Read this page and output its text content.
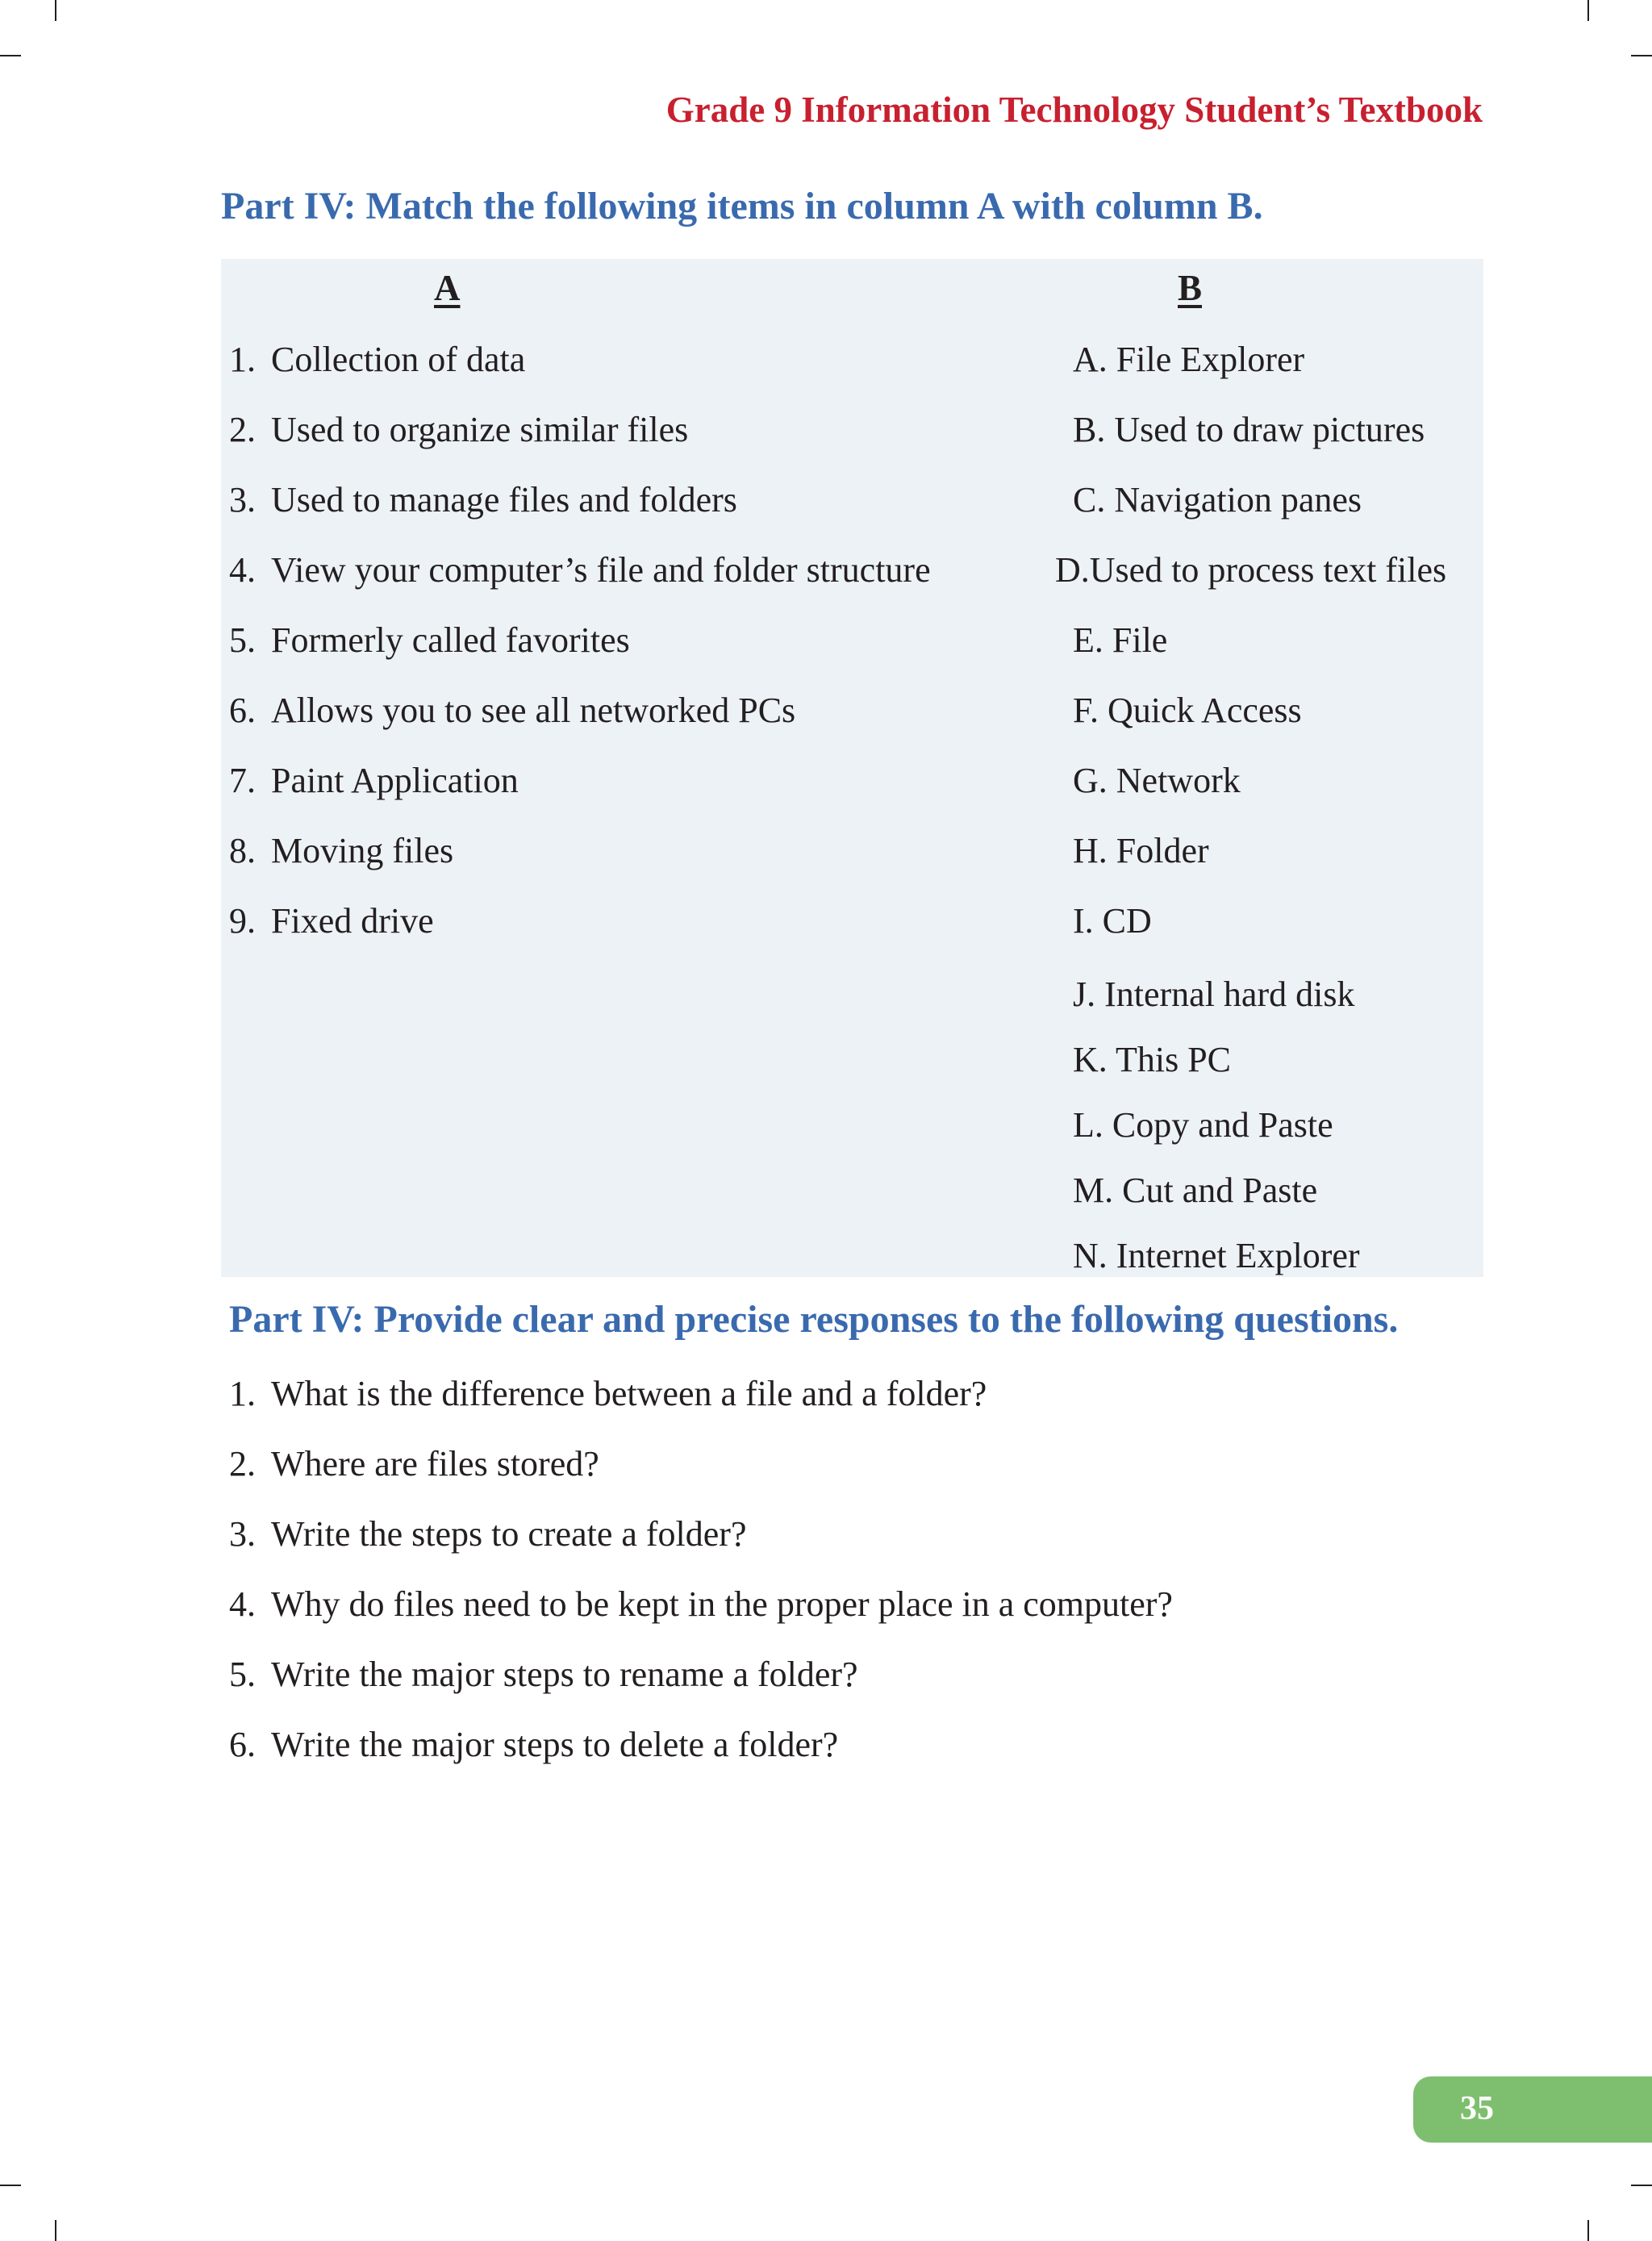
Grade 9 Information Technology Student’s Textbook
Part IV: Match the following items in column A with column B.
A	B
1. Collection of data
2. Used to organize similar files
3. Used to manage files and folders
4. View your computer’s file and folder structure
5. Formerly called favorites
6. Allows you to see all networked PCs
7. Paint Application
8. Moving files
9. Fixed drive
A. File Explorer
B. Used to draw pictures
C. Navigation panes
D.Used to process text files
E. File
F. Quick Access
G. Network
H. Folder
I. CD
J. Internal hard disk
K. This PC
L. Copy and Paste
M. Cut and Paste
N. Internet Explorer
Part IV: Provide clear and precise responses to the following questions.
1. What is the difference between a file and a folder?
2. Where are files stored?
3. Write the steps to create a folder?
4. Why do files need to be kept in the proper place in a computer?
5. Write the major steps to rename a folder?
6. Write the major steps to delete a folder?
35
